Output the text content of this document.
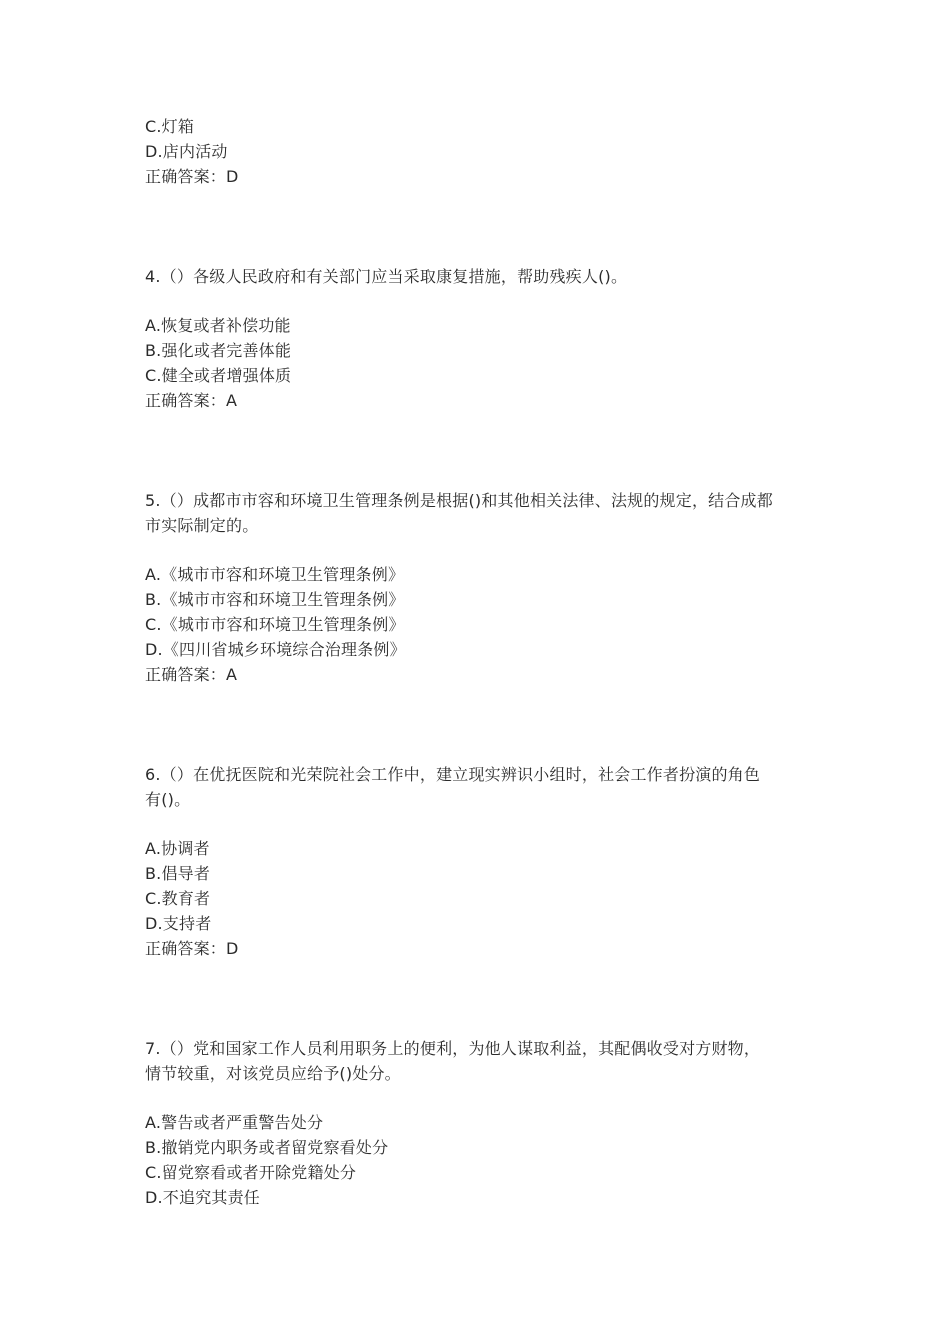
C.灯箱
D.店内活动
正确答案：D
4.（）各级人民政府和有关部门应当采取康复措施，帮助残疾人()。
A.恢复或者补偿功能
B.强化或者完善体能
C.健全或者增强体质
正确答案：A
5.（）成都市市容和环境卫生管理条例是根据()和其他相关法律、法规的规定，结合成都
市实际制定的。
A.《城市市容和环境卫生管理条例》
B.《城市市容和环境卫生管理条例》
C.《城市市容和环境卫生管理条例》
D.《四川省城乡环境综合治理条例》
正确答案：A
6.（）在优抚医院和光荣院社会工作中，建立现实辨识小组时，社会工作者扮演的角色
有()。
A.协调者
B.倡导者
C.教育者
D.支持者
正确答案：D
7.（）党和国家工作人员利用职务上的便利，为他人谋取利益，其配偶收受对方财物，
情节较重，对该党员应给予()处分。
A.警告或者严重警告处分
B.撤销党内职务或者留党察看处分
C.留党察看或者开除党籍处分
D.不追究其责任
